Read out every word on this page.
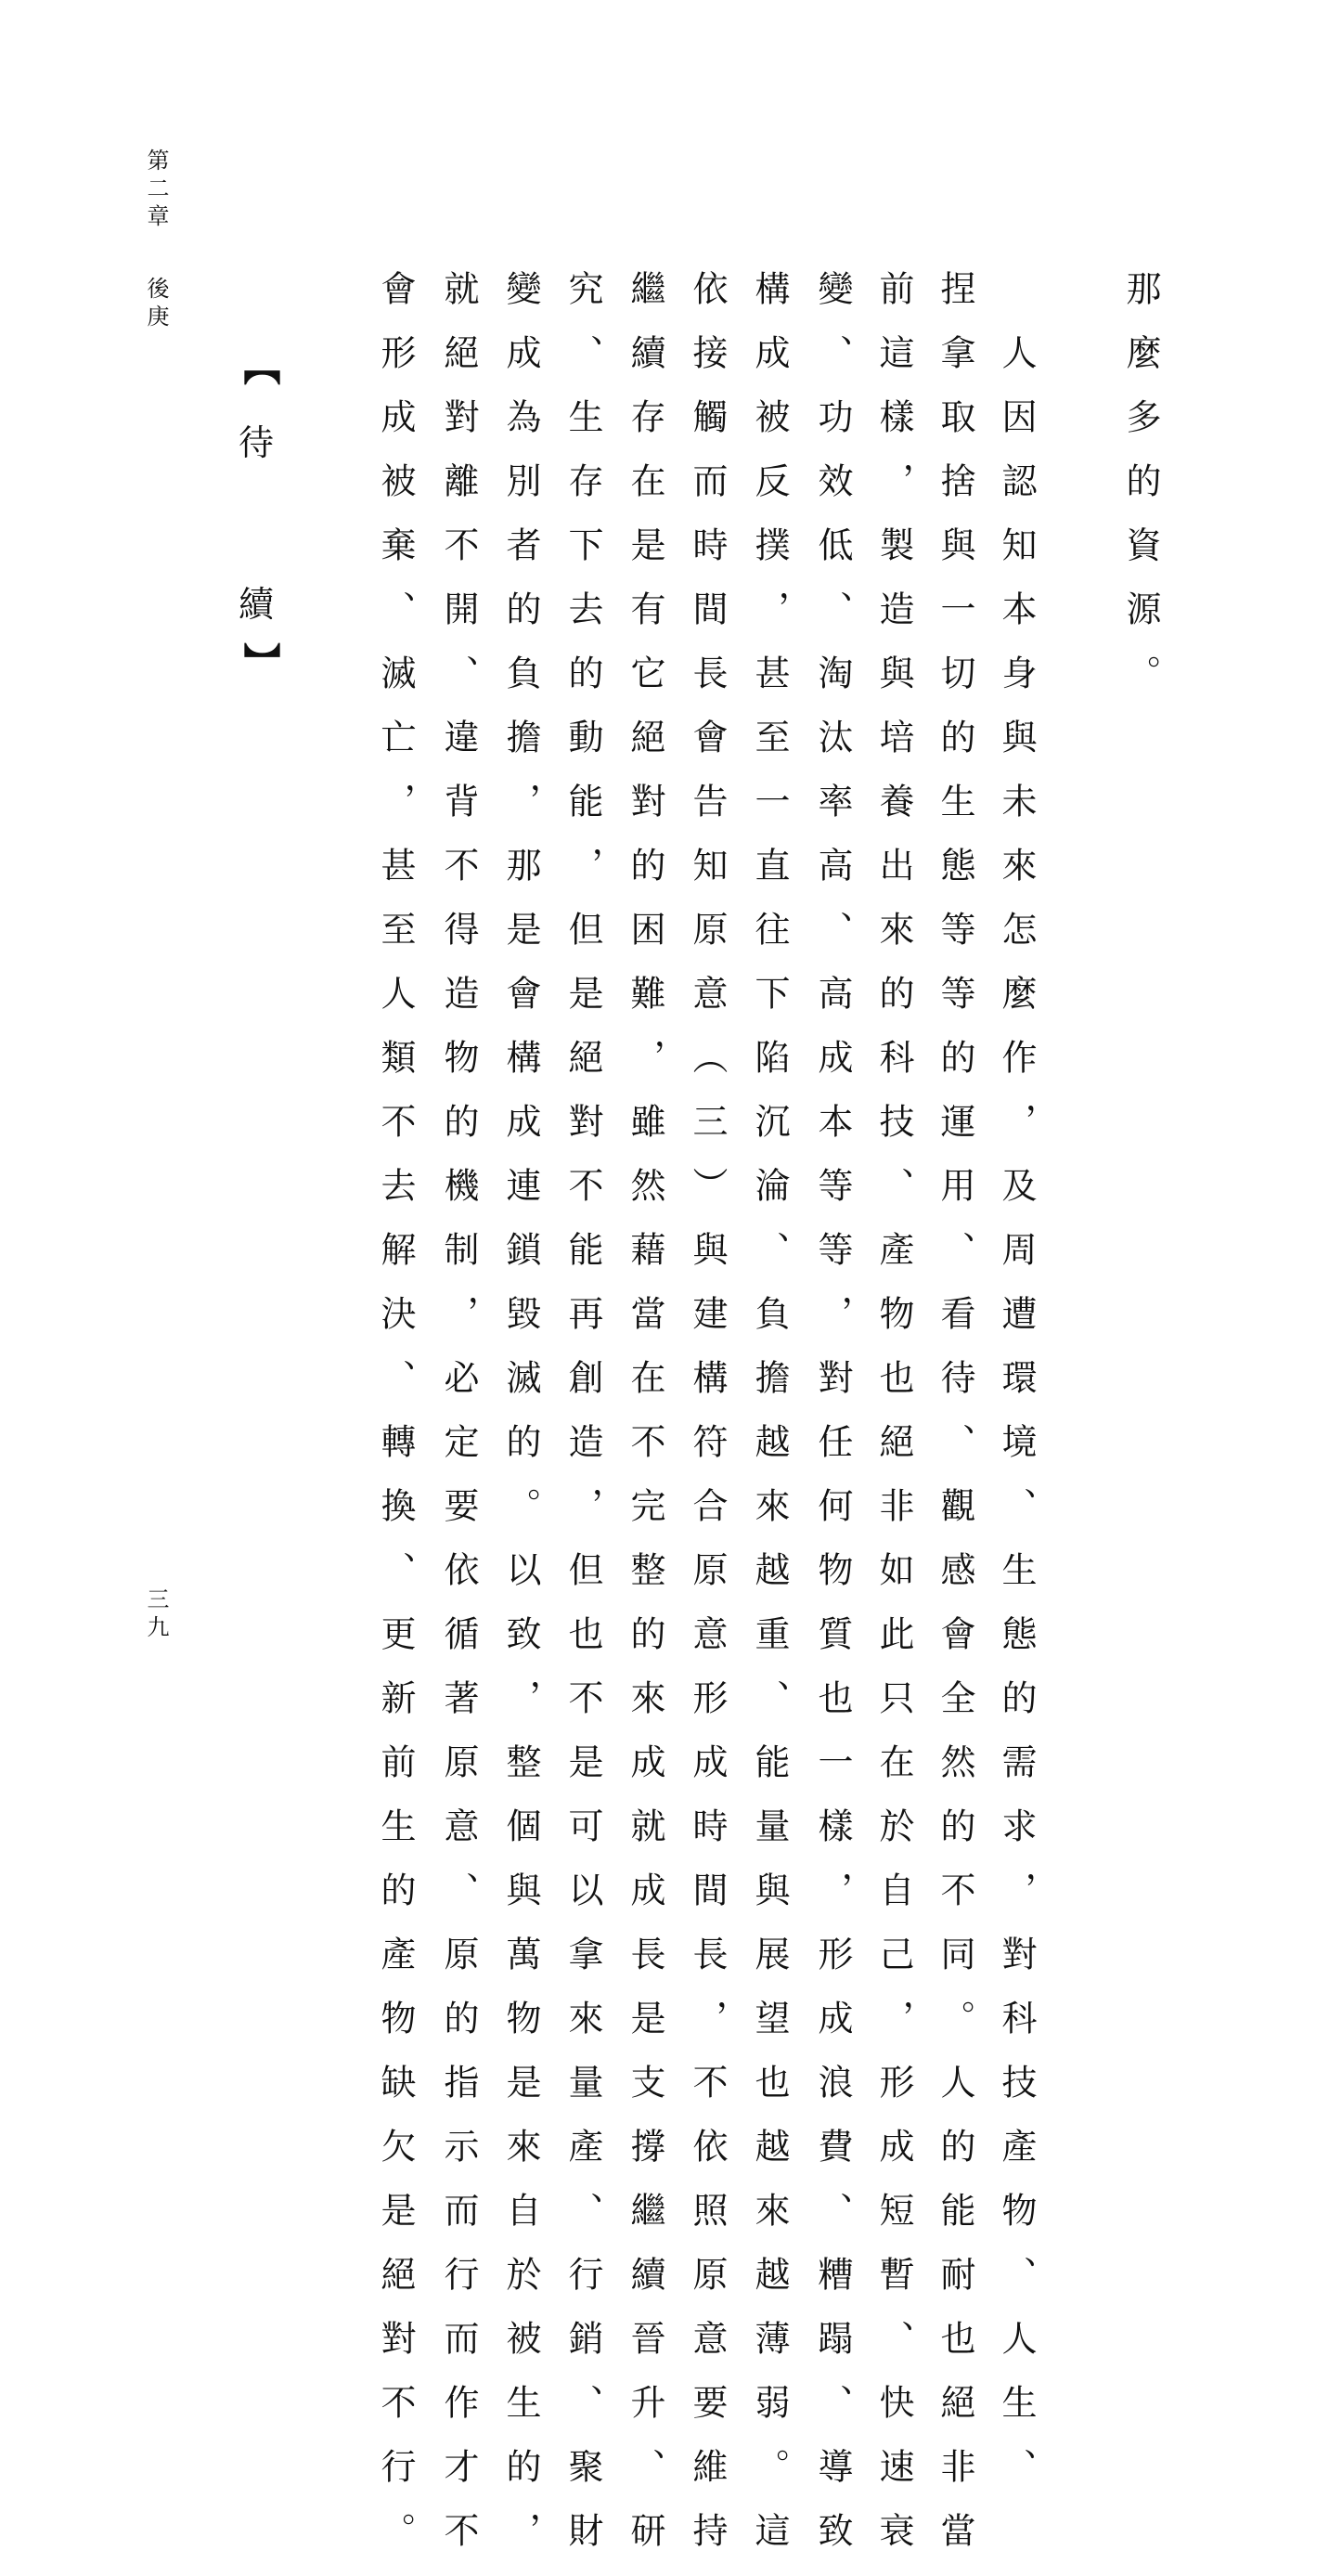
第二章
後庚
三九
【
待
續
】	那麼多的資源。
　人因認知本身與未來怎麼作，及周遭環境、生態的需求，對科技產物、人生、
捏拿取捨與一切的生態等等的運用、看待、觀感會全然的不同。人的能耐也絕非當
前這樣，製造與培養出來的科技、產物也絕非如此只在於自己，形成短暫、快速衰
變、功效低、淘汰率高、高成本等等，對任何物質也一樣，形成浪費、糟蹋、導致
構成被反撲，甚至一直往下陷沉淪、負擔越來越重、能量與展望也越來越薄弱。這
依接觸而時間長會告知原意（三）與建構符合原意形成時間長，不依照原意要維持
繼續存在是有它絕對的困難，雖然藉當在不完整的來成就成長是支撐繼續晉升、研
究、生存下去的動能，但是絕對不能再創造，但也不是可以拿來量產、行銷、聚財
變成為別者的負擔，那是會構成連鎖毀滅的。以致，整個與萬物是來自於被生的，
就絕對離不開、違背不得造物的機制，必定要依循著原意、原的指示而行而作才不
會形成被棄、滅亡，甚至人類不去解決、轉換、更新前生的產物缺欠是絕對不行。
